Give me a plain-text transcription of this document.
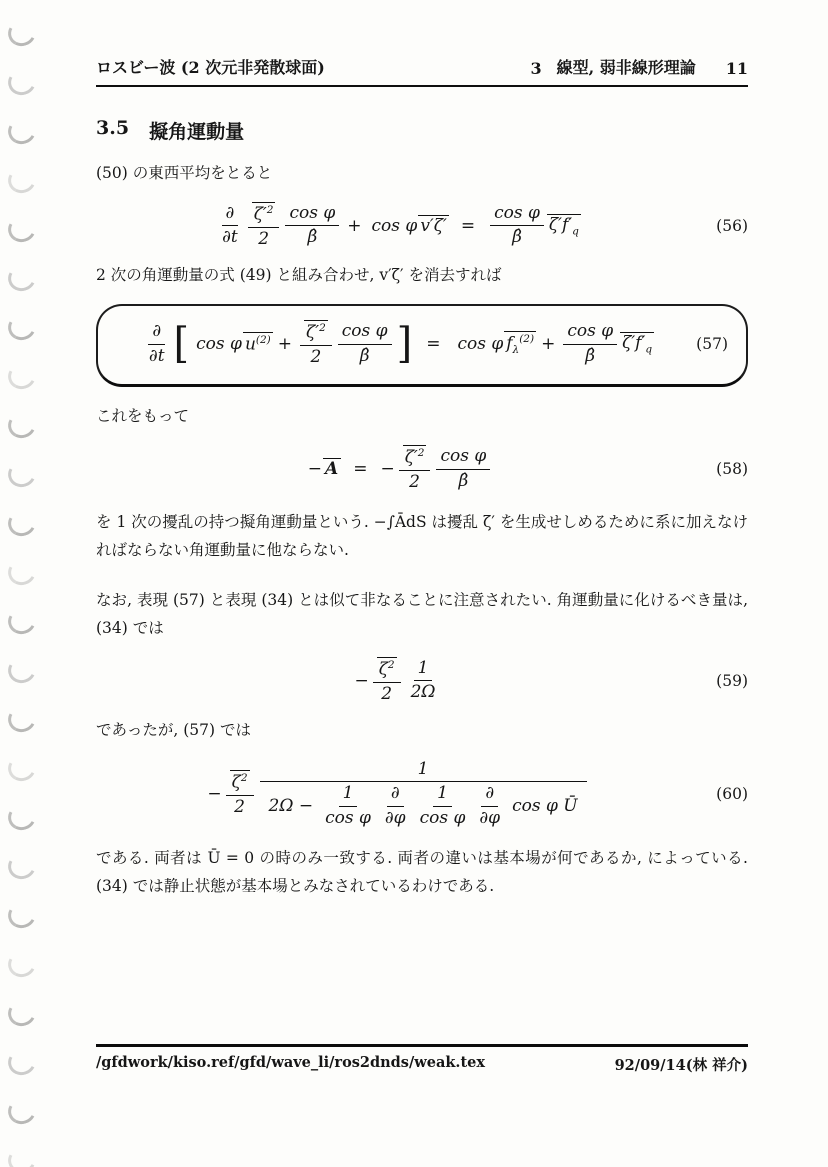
ロスビー波 (2 次元非発散球面)	3 線型, 弱非線形理論 11
3.5 擬角運動量
(50) の東西平均をとると
$\frac{\partial}{\partial t} \frac{\zeta'^2}{2} \frac{\text{cos φ}}{\betâ} + \cos \varphi$ $v'\zeta' = \frac{\text{cos φ}}{\betâ} \zeta'f'_q$	(56)
2 次の角運動量の式 (49) と組み合わせ, v′ζ′ を消去すれば
$\frac{\partial}{\partial t}$ [ cos φ $u^{(2)} + \frac{\zeta'^2}{2} \frac{\text{cos φ}}{\betâ}$ ] = cos φ $f_\lambda^{(2)} + \frac{\text{cos φ}}{\betâ} \zeta'f'_q$	(57)
これをもって
− A = − $\frac{\zeta'^2}{2} \frac{\text{cos φ}}{\betâ}$	(58)
を 1 次の擾乱の持つ擬角運動量という. −∫ĀdS は擾乱 ζ′ を生成せしめるために系に加えなければならない角運動量に他ならない.
なお, 表現 (57) と表現 (34) とは似て非なることに注意されたい. 角運動量に化けるべき量は, (34) では
− $\frac{\zeta^2}{2} \frac{1}{2\Omega}$	(59)
であったが, (57) では
− $\frac{\zeta^2}{2}$
1
$2\Omega - \frac{1}{\text{cos φ}} \frac{\partial}{\partial\varphi} \frac{1}{\text{cos φ}} \frac{\partial}{\partial\varphi}$ cos φ Ū
(60)
である. 両者は Ū = 0 の時のみ一致する. 両者の違いは基本場が何であるか, によっている. (34) では静止状態が基本場とみなされているわけである.
/gfdwork/kiso.ref/gfd/wave_li/ros2dnds/weak.tex	92/09/14(林 祥介)
